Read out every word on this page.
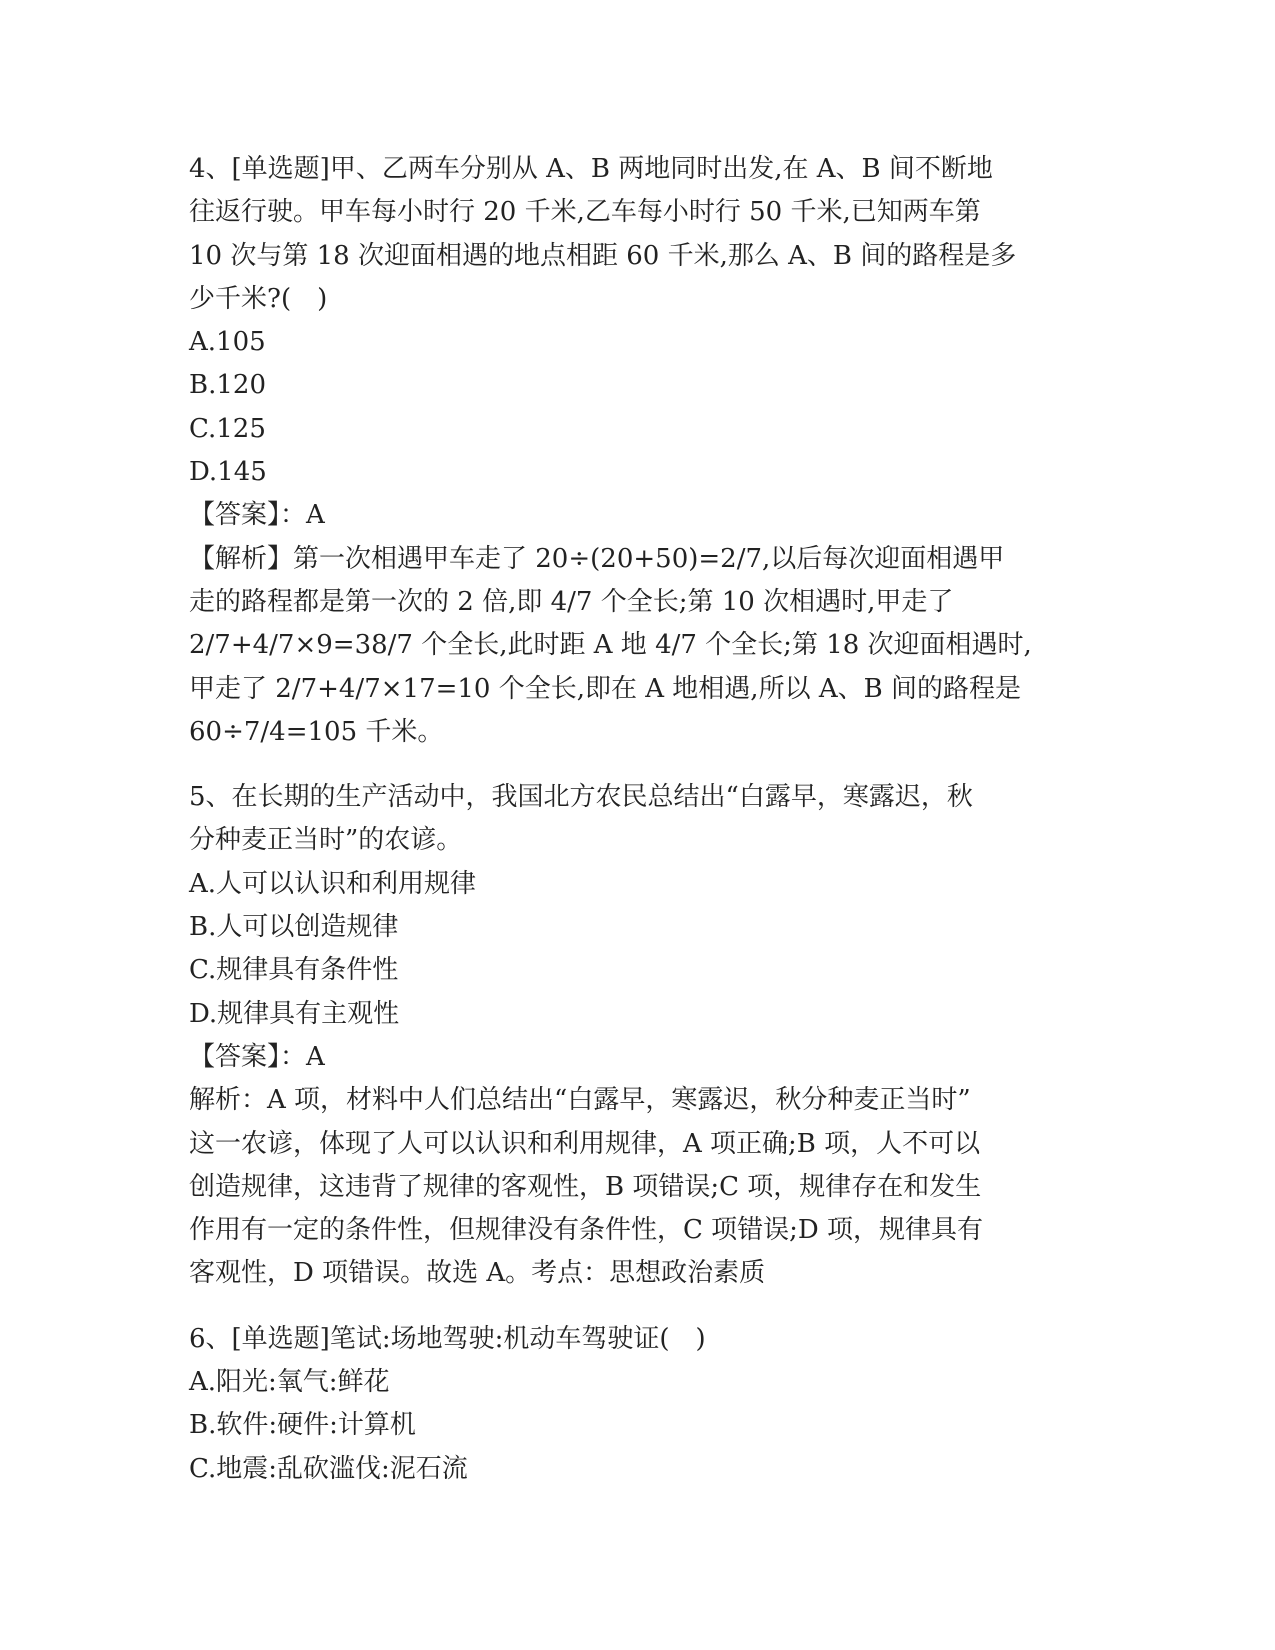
4、[单选题]甲、乙两车分别从 A、B 两地同时出发,在 A、B 间不断地
往返行驶。甲车每小时行 20 千米,乙车每小时行 50 千米,已知两车第
10 次与第 18 次迎面相遇的地点相距 60 千米,那么 A、B 间的路程是多
少千米?(　)
A.105
B.120
C.125
D.145
【答案】：A
【解析】第一次相遇甲车走了 20÷(20+50)=2/7,以后每次迎面相遇甲
走的路程都是第一次的 2 倍,即 4/7 个全长;第 10 次相遇时,甲走了
2/7+4/7×9=38/7 个全长,此时距 A 地 4/7 个全长;第 18 次迎面相遇时,
甲走了 2/7+4/7×17=10 个全长,即在 A 地相遇,所以 A、B 间的路程是
60÷7/4=105 千米。
5、在长期的生产活动中，我国北方农民总结出“白露早，寒露迟，秋
分种麦正当时”的农谚。
A.人可以认识和利用规律
B.人可以创造规律
C.规律具有条件性
D.规律具有主观性
【答案】：A
解析：A 项，材料中人们总结出“白露早，寒露迟，秋分种麦正当时”
这一农谚，体现了人可以认识和利用规律，A 项正确;B 项，人不可以
创造规律，这违背了规律的客观性，B 项错误;C 项，规律存在和发生
作用有一定的条件性，但规律没有条件性，C 项错误;D 项，规律具有
客观性，D 项错误。故选 A。考点：思想政治素质
6、[单选题]笔试:场地驾驶:机动车驾驶证(　)
A.阳光:氧气:鲜花
B.软件:硬件:计算机
C.地震:乱砍滥伐:泥石流
